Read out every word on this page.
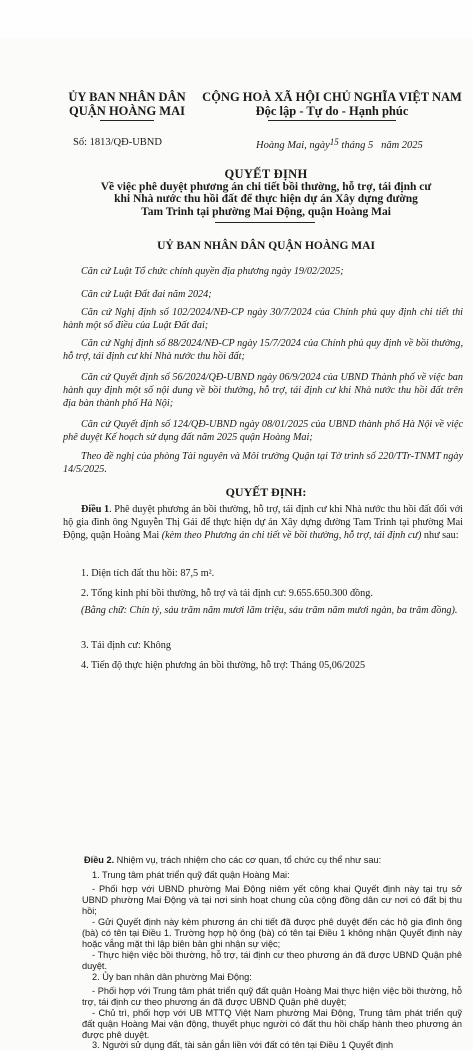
ỦY BAN NHÂN DÂN
QUẬN HOÀNG MAI
CỘNG HOÀ XÃ HỘI CHỦ NGHĨA VIỆT NAM
Độc lập - Tự do - Hạnh phúc
Số: 1813/QĐ-UBND	Hoàng Mai, ngày15 tháng 5 năm 2025
QUYẾT ĐỊNH
Về việc phê duyệt phương án chi tiết bồi thường, hỗ trợ, tái định cư
khi Nhà nước thu hồi đất để thực hiện dự án Xây dựng đường
Tam Trinh tại phường Mai Động, quận Hoàng Mai
UỶ BAN NHÂN DÂN QUẬN HOÀNG MAI
Căn cứ Luật Tổ chức chính quyền địa phương ngày 19/02/2025;
Căn cứ Luật Đất đai năm 2024;
Căn cứ Nghị định số 102/2024/NĐ-CP ngày 30/7/2024 của Chính phủ quy định chi tiết thi hành một số điều của Luật Đất đai;
Căn cứ Nghị định số 88/2024/NĐ-CP ngày 15/7/2024 của Chính phủ quy định về bồi thường, hỗ trợ, tái định cư khi Nhà nước thu hồi đất;
Căn cứ Quyết định số 56/2024/QĐ-UBND ngày 06/9/2024 của UBND Thành phố về việc ban hành quy định một số nội dung về bồi thường, hỗ trợ, tái định cư khi Nhà nước thu hồi đất trên địa bàn thành phố Hà Nội;
Căn cứ Quyết định số 124/QĐ-UBND ngày 08/01/2025 của UBND thành phố Hà Nội về việc phê duyệt Kế hoạch sử dụng đất năm 2025 quận Hoàng Mai;
Theo đề nghị của phòng Tài nguyên và Môi trường Quận tại Tờ trình số 220/TTr-TNMT ngày 14/5/2025.
QUYẾT ĐỊNH:
Điều 1. Phê duyệt phương án bồi thường, hỗ trợ, tái định cư khi Nhà nước thu hồi đất đối với hộ gia đình ông Nguyễn Thị Gái để thực hiện dự án Xây dựng đường Tam Trinh tại phường Mai Động, quận Hoàng Mai (kèm theo Phương án chi tiết về bồi thường, hỗ trợ, tái định cư) như sau:
1. Diện tích đất thu hồi: 87,5 m².
2. Tổng kinh phí bồi thường, hỗ trợ và tái định cư: 9.655.650.300 đồng.
(Bằng chữ: Chín tỷ, sáu trăm năm mươi lăm triệu, sáu trăm năm mươi ngàn, ba trăm đồng).
3. Tái định cư: Không
4. Tiến độ thực hiện phương án bồi thường, hỗ trợ: Tháng 05,06/2025
Điều 2. Nhiệm vụ, trách nhiệm cho các cơ quan, tổ chức cụ thể như sau:
1. Trung tâm phát triển quỹ đất quận Hoàng Mai:
- Phối hợp với UBND phường Mai Động niêm yết công khai Quyết định này tại trụ sở UBND phường Mai Động và tại nơi sinh hoạt chung của cộng đồng dân cư nơi có đất bị thu hồi;
- Gửi Quyết định này kèm phương án chi tiết đã được phê duyệt đến các hộ gia đình ông (bà) có tên tại Điều 1. Trường hợp hộ ông (bà) có tên tại Điều 1 không nhận Quyết định này hoặc vắng mặt thì lập biên bản ghi nhận sự việc;
- Thực hiện việc bồi thường, hỗ trợ, tái định cư theo phương án đã được UBND Quận phê duyệt.
2. Ủy ban nhân dân phường Mai Động:
- Phối hợp với Trung tâm phát triển quỹ đất quận Hoàng Mai thực hiện việc bồi thường, hỗ trợ, tái định cư theo phương án đã được UBND Quận phê duyệt;
- Chủ trì, phối hợp với UB MTTQ Việt Nam phường Mai Động, Trung tâm phát triển quỹ đất quận Hoàng Mai vận động, thuyết phục người có đất thu hồi chấp hành theo phương án được phê duyệt.
3. Người sử dụng đất, tài sản gắn liền với đất có tên tại Điều 1 Quyết định
